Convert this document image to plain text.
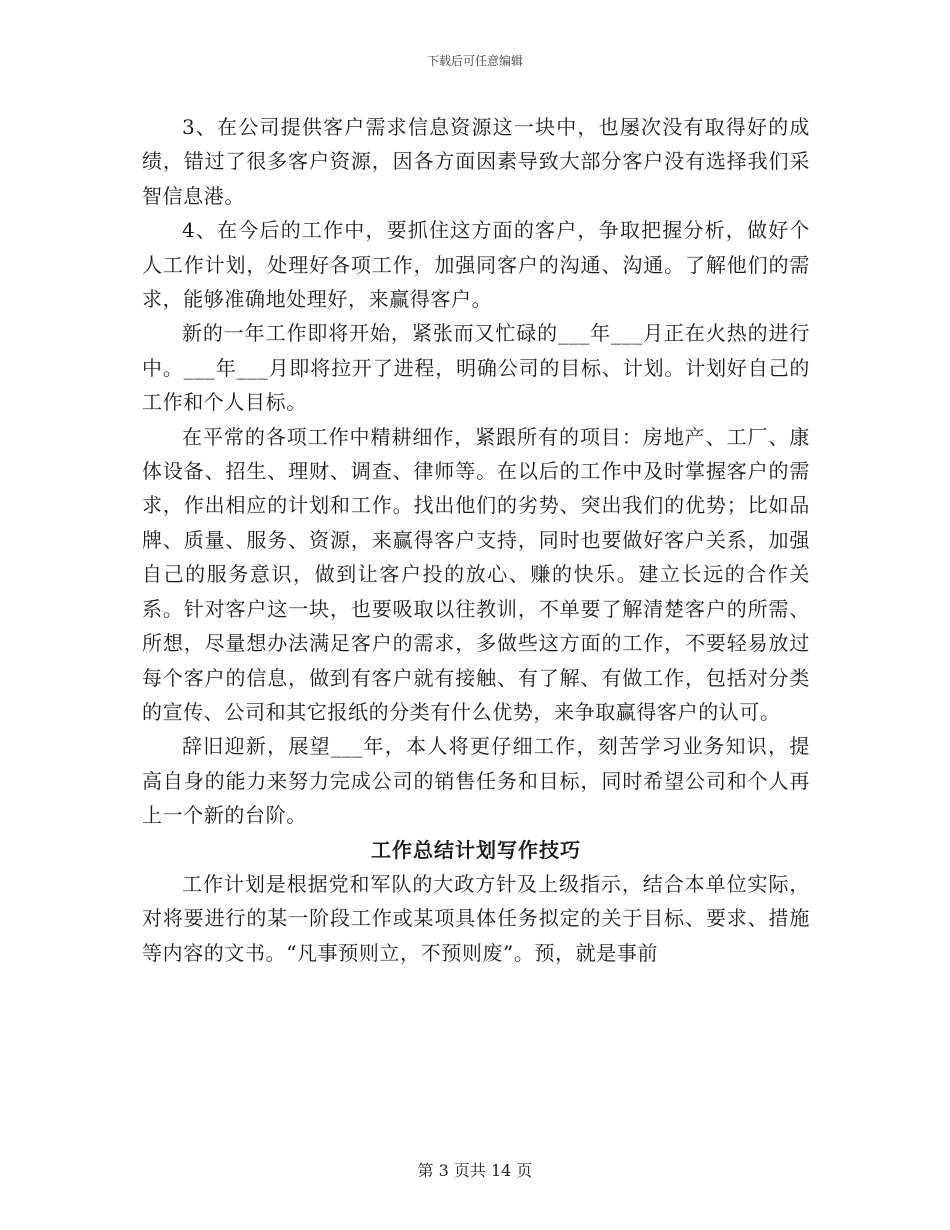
下载后可任意编辑

3、在公司提供客户需求信息资源这一块中，也屡次没有取得好的成绩，错过了很多客户资源，因各方面因素导致大部分客户没有选择我们采智信息港。

4、在今后的工作中，要抓住这方面的客户，争取把握分析，做好个人工作计划，处理好各项工作，加强同客户的沟通、沟通。了解他们的需求，能够准确地处理好，来赢得客户。

新的一年工作即将开始，紧张而又忙碌的___年___月正在火热的进行中。___年___月即将拉开了进程，明确公司的目标、计划。计划好自己的工作和个人目标。

在平常的各项工作中精耕细作，紧跟所有的项目：房地产、工厂、康体设备、招生、理财、调查、律师等。在以后的工作中及时掌握客户的需求，作出相应的计划和工作。找出他们的劣势、突出我们的优势；比如品牌、质量、服务、资源，来赢得客户支持，同时也要做好客户关系，加强自己的服务意识，做到让客户投的放心、赚的快乐。建立长远的合作关系。针对客户这一块，也要吸取以往教训，不单要了解清楚客户的所需、所想，尽量想办法满足客户的需求，多做些这方面的工作，不要轻易放过每个客户的信息，做到有客户就有接触、有了解、有做工作，包括对分类的宣传、公司和其它报纸的分类有什么优势，来争取赢得客户的认可。

辞旧迎新，展望___年，本人将更仔细工作，刻苦学习业务知识，提高自身的能力来努力完成公司的销售任务和目标，同时希望公司和个人再上一个新的台阶。

工作总结计划写作技巧

工作计划是根据党和军队的大政方针及上级指示，结合本单位实际，对将要进行的某一阶段工作或某项具体任务拟定的关于目标、要求、措施等内容的文书。“凡事预则立，不预则废”。预，就是事前

第 3 页共 14 页
